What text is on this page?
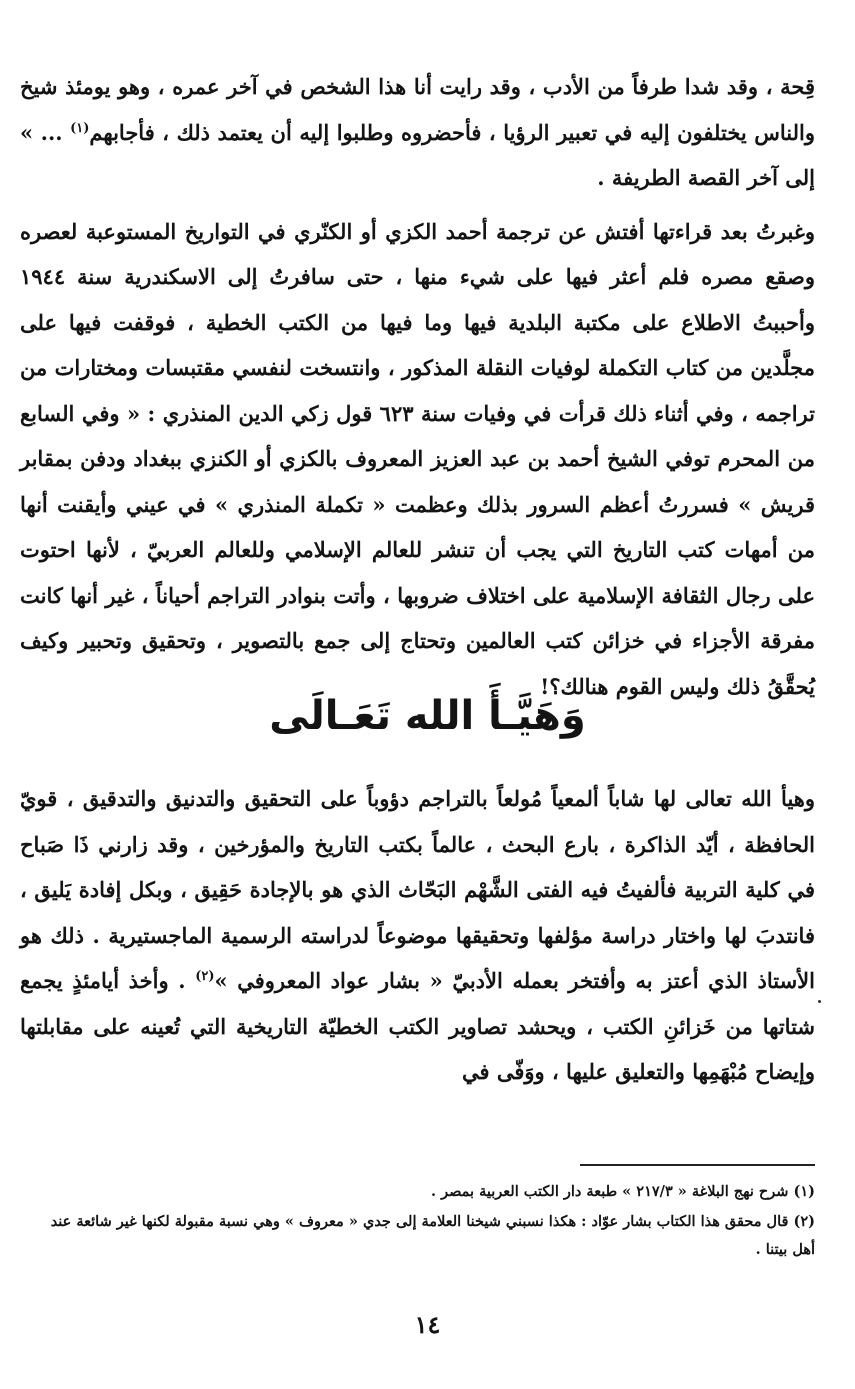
قِحة ، وقد شدا طرفاً من الأدب ، وقد رايت أنا هذا الشخص في آخر عمره ، وهو يومئذ شيخ والناس يختلفون إليه في تعبير الرؤيا ، فأحضروه وطلبوا إليه أن يعتمد ذلك ، فأجابهم$^{(١)}$ ... » إلى آخر القصة الطريفة .

وغبرتُ بعد قراءتها أفتش عن ترجمة أحمد الكزي أو الكنّري في التواريخ المستوعبة لعصره وصقع مصره فلم أعثر فيها على شيء منها ، حتى سافرتُ إلى الاسكندرية سنة ١٩٤٤ وأحببتُ الاطلاع على مكتبة البلدية فيها وما فيها من الكتب الخطية ، فوقفت فيها على مجلَّدين من كتاب التكملة لوفيات النقلة المذكور ، وانتسخت لنفسي مقتبسات ومختارات من تراجمه ، وفي أثناء ذلك قرأت في وفيات سنة ٦٢٣ قول زكي الدين المنذري : « وفي السابع من المحرم توفي الشيخ أحمد بن عبد العزيز المعروف بالكزي أو الكنزي ببغداد ودفن بمقابر قريش » فسررتُ أعظم السرور بذلك وعظمت « تكملة المنذري » في عيني وأيقنت أنها من أمهات كتب التاريخ التي يجب أن تنشر للعالم الإسلامي وللعالم العربيّ ، لأنها احتوت على رجال الثقافة الإسلامية على اختلاف ضروبها ، وأتت بنوادر التراجم أحياناً ، غير أنها كانت مفرقة الأجزاء في خزائن كتب العالمين وتحتاج إلى جمع بالتصوير ، وتحقيق وتحبير وكيف يُحقَّقُ ذلك وليس القوم هنالك؟!

وَهَيَّـأَ الله تَعَـالَى

وهيأ الله تعالى لها شاباً ألمعياً مُولعاً بالتراجم دؤوباً على التحقيق والتدنيق والتدقيق ، قويّ الحافظة ، أيّد الذاكرة ، بارع البحث ، عالماً بكتب التاريخ والمؤرخين ، وقد زارني ذَا صَباح في كلية التربية فألفيتُ فيه الفتى الشَّهْم البَحّاث الذي هو بالإجادة حَقِيق ، وبكل إفادة يَليق ، فانتدبَ لها واختار دراسة مؤلفها وتحقيقها موضوعاً لدراسته الرسمية الماجستيرية . ذلك هو الأستاذ الذي أعتز به وأفتخر بعمله الأدبيّ « بشار عواد المعروفي »$^{(٢)}$ . وأخذ أيامئذٍ يجمع شتاتها من خَزائنِ الكتب ، ويحشد تصاوير الكتب الخطيّة التاريخية التي تُعينه على مقابلتها وإيضاح مُبْهَمِها والتعليق عليها ، ووَفّى في

(١) شرح نهج البلاغة « ٢١٧/٣ » طبعة دار الكتب العربية بمصر .

(٢) قال محقق هذا الكتاب بشار عوّاد : هكذا نسبني شيخنا العلامة إلى جدي « معروف » وهي نسبة مقبولة لكنها غير شائعة عند أهل بيتنا .

١٤
